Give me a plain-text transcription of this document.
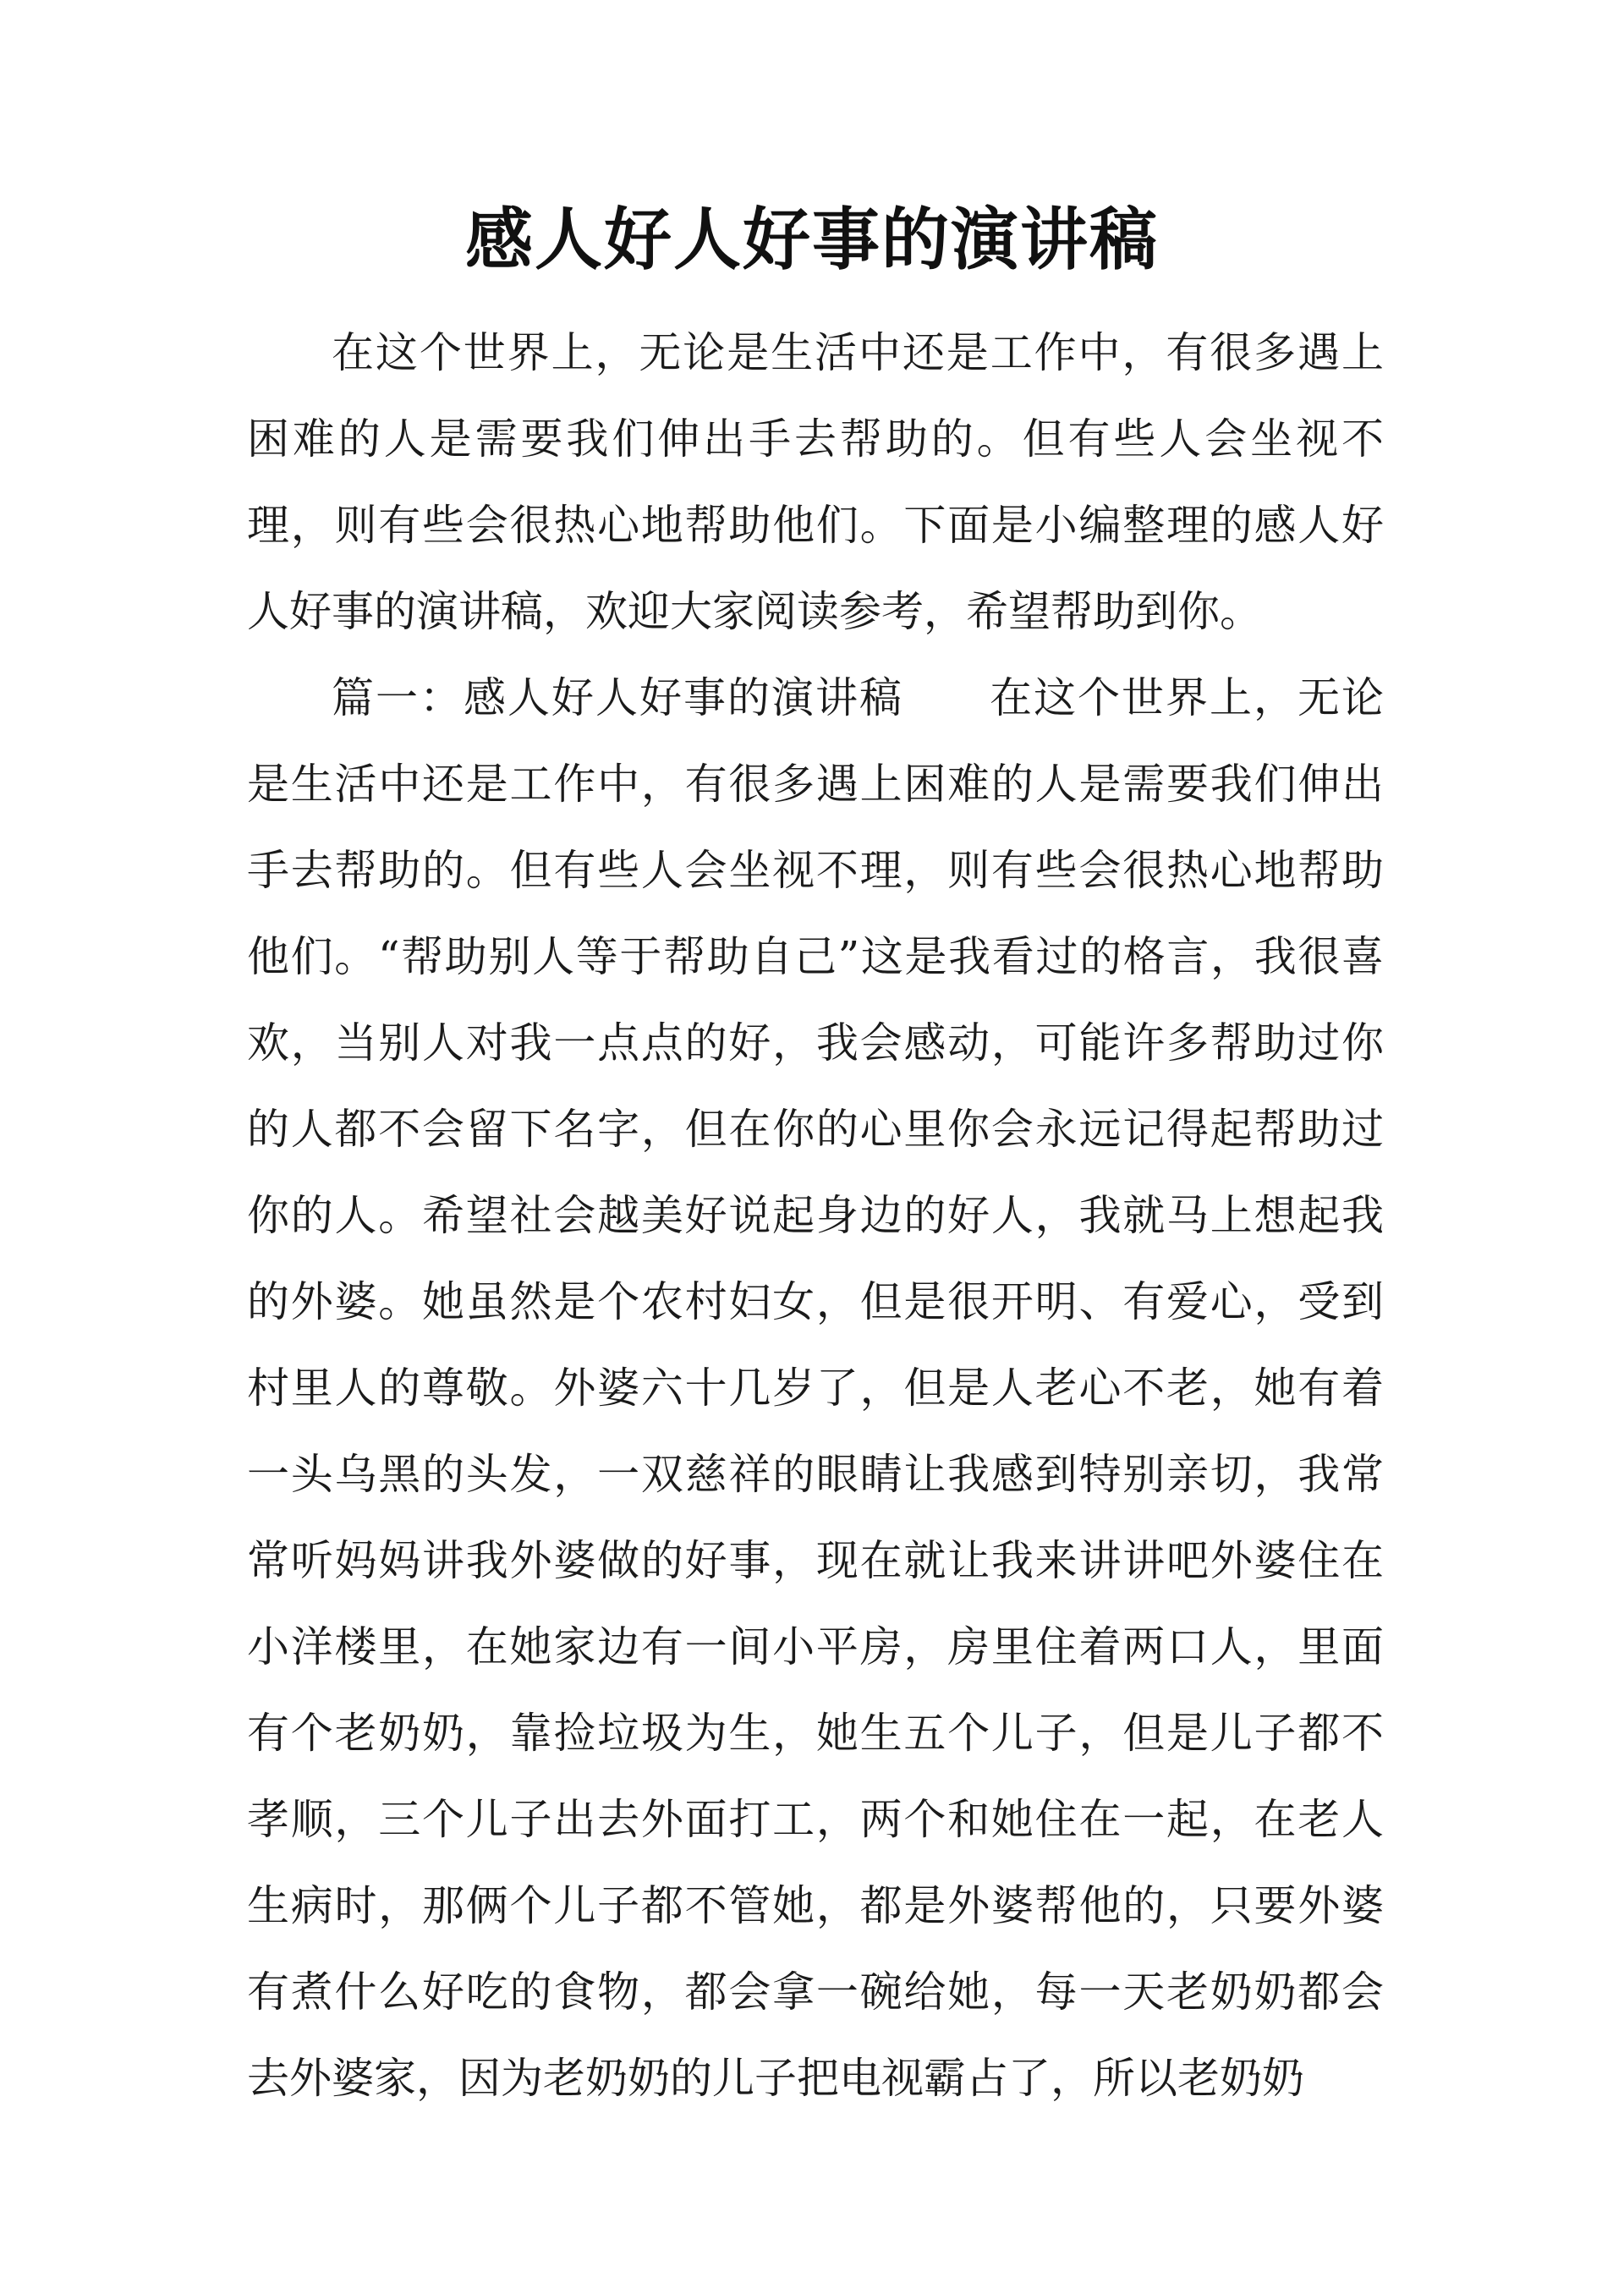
感人好人好事的演讲稿

在这个世界上，无论是生活中还是工作中，有很多遇上困难的人是需要我们伸出手去帮助的。但有些人会坐视不理，则有些会很热心地帮助他们。下面是小编整理的感人好人好事的演讲稿，欢迎大家阅读参考，希望帮助到你。

篇一：感人好人好事的演讲稿 在这个世界上，无论是生活中还是工作中，有很多遇上困难的人是需要我们伸出手去帮助的。但有些人会坐视不理，则有些会很热心地帮助他们。“帮助别人等于帮助自己”这是我看过的格言，我很喜欢，当别人对我一点点的好，我会感动，可能许多帮助过你的人都不会留下名字，但在你的心里你会永远记得起帮助过你的人。希望社会越美好说起身边的好人，我就马上想起我的外婆。她虽然是个农村妇女，但是很开明、有爱心，受到村里人的尊敬。外婆六十几岁了，但是人老心不老，她有着一头乌黑的头发，一双慈祥的眼睛让我感到特别亲切，我常常听妈妈讲我外婆做的好事，现在就让我来讲讲吧外婆住在小洋楼里，在她家边有一间小平房，房里住着两口人，里面有个老奶奶，靠捡垃圾为生，她生五个儿子，但是儿子都不孝顺，三个儿子出去外面打工，两个和她住在一起，在老人生病时，那俩个儿子都不管她，都是外婆帮他的，只要外婆有煮什么好吃的食物，都会拿一碗给她，每一天老奶奶都会去外婆家，因为老奶奶的儿子把电视霸占了，所以老奶奶
